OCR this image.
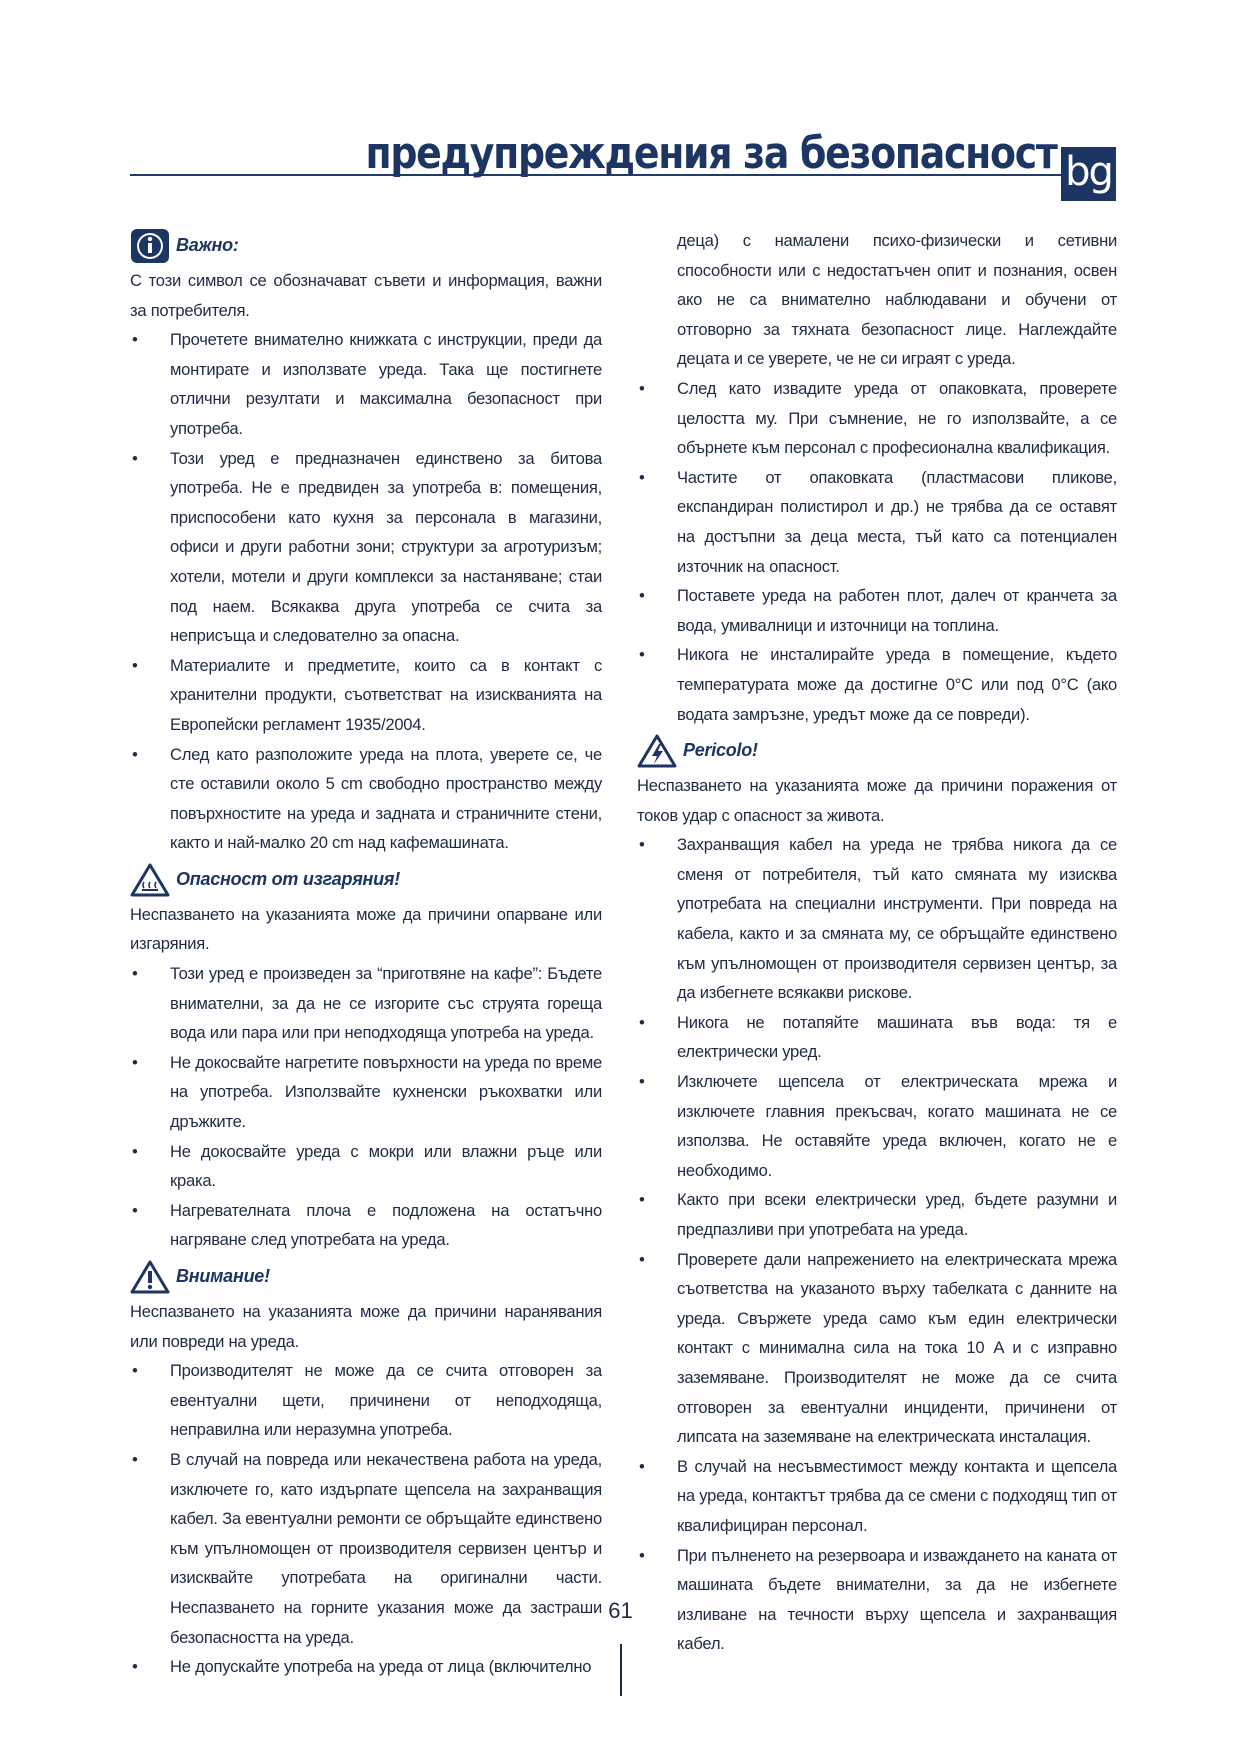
предупреждения за безопасност bg
Важно:

С този символ се обозначават съвети и информация, важни за потребителя.

• Прочетете внимателно книжката с инструкции, преди да монтирате и използвате уреда. Така ще постигнете отлични резултати и максимална безопасност при употреба.
• Този уред е предназначен единствено за битова употреба. Не е предвиден за употреба в: помещения, приспособени като кухня за персонала в магазини, офиси и други работни зони; структури за агротуризъм; хотели, мотели и други комплекси за настаняване; стаи под наем. Всякаква друга употреба се счита за неприсъща и следователно за опасна.
• Материалите и предметите, които са в контакт с хранителни продукти, съответстват на изискванията на Европейски регламент 1935/2004.
• След като разположите уреда на плота, уверете се, че сте оставили около 5 cm свободно пространство между повърхностите на уреда и задната и страничните стени, както и най-малко 20 cm над кафемашината.
Опасност от изгаряния!

Неспазването на указанията може да причини опарване или изгаряния.

• Този уред е произведен за “приготвяне на кафе”: Бъдете внимателни, за да не се изгорите със струята гореща вода или пара или при неподходяща употреба на уреда.
• Не докосвайте нагретите повърхности на уреда по време на употреба. Използвайте кухненски ръкохватки или дръжките.
• Не докосвайте уреда с мокри или влажни ръце или крака.
• Нагревателната плоча е подложена на остатъчно нагряване след употребата на уреда.
Внимание!

Неспазването на указанията може да причини наранявания или повреди на уреда.

• Производителят не може да се счита отговорен за евентуални щети, причинени от неподходяща, неправилна или неразумна употреба.
• В случай на повреда или некачествена работа на уреда, изключете го, като издърпате щепсела на захранващия кабел. За евентуални ремонти се обръщайте единствено към упълномощен от производителя сервизен център и изисквайте употребата на оригинални части. Неспазването на горните указания може да застраши безопасността на уреда.
• Не допускайте употреба на уреда от лица (включително

деца) с намалени психо-физически и сетивни способности или с недостатъчен опит и познания, освен ако не са внимателно наблюдавани и обучени от отговорно за тяхната безопасност лице. Наглеждайте децата и се уверете, че не си играят с уреда.

• След като извадите уреда от опаковката, проверете целостта му. При съмнение, не го използвайте, а се обърнете към персонал с професионална квалификация.
• Частите от опаковката (пластмасови пликове, експандиран полистирол и др.) не трябва да се оставят на достъпни за деца места, тъй като са потенциален източник на опасност.
• Поставете уреда на работен плот, далеч от кранчета за вода, умивалници и източници на топлина.
• Никога не инсталирайте уреда в помещение, където температурата може да достигне 0°C или под 0°C (ако водата замръзне, уредът може да се повреди).
Pericolo!

Неспазването на указанията може да причини поражения от токов удар с опасност за живота.

• Захранващия кабел на уреда не трябва никога да се сменя от потребителя, тъй като смяната му изисква употребата на специални инструменти. При повреда на кабела, както и за смяната му, се обръщайте единствено към упълномощен от производителя сервизен център, за да избегнете всякакви рискове.
• Никога не потапяйте машината във вода: тя е електрически уред.
• Изключете щепсела от електрическата мрежа и изключете главния прекъсвач, когато машината не се използва. Не оставяйте уреда включен, когато не е необходимо.
• Както при всеки електрически уред, бъдете разумни и предпазливи при употребата на уреда.
• Проверете дали напрежението на електрическата мрежа съответства на указаното върху табелката с данните на уреда. Свържете уреда само към един електрически контакт с минимална сила на тока 10 A и с изправно заземяване. Производителят не може да се счита отговорен за евентуални инциденти, причинени от липсата на заземяване на електрическата инсталация.
• В случай на несъвместимост между контакта и щепсела на уреда, контактът трябва да се смени с подходящ тип от квалифициран персонал.
• При пълненето на резервоара и изваждането на каната от машината бъдете внимателни, за да не избегнете изливане на течности върху щепсела и захранващия кабел.
61
